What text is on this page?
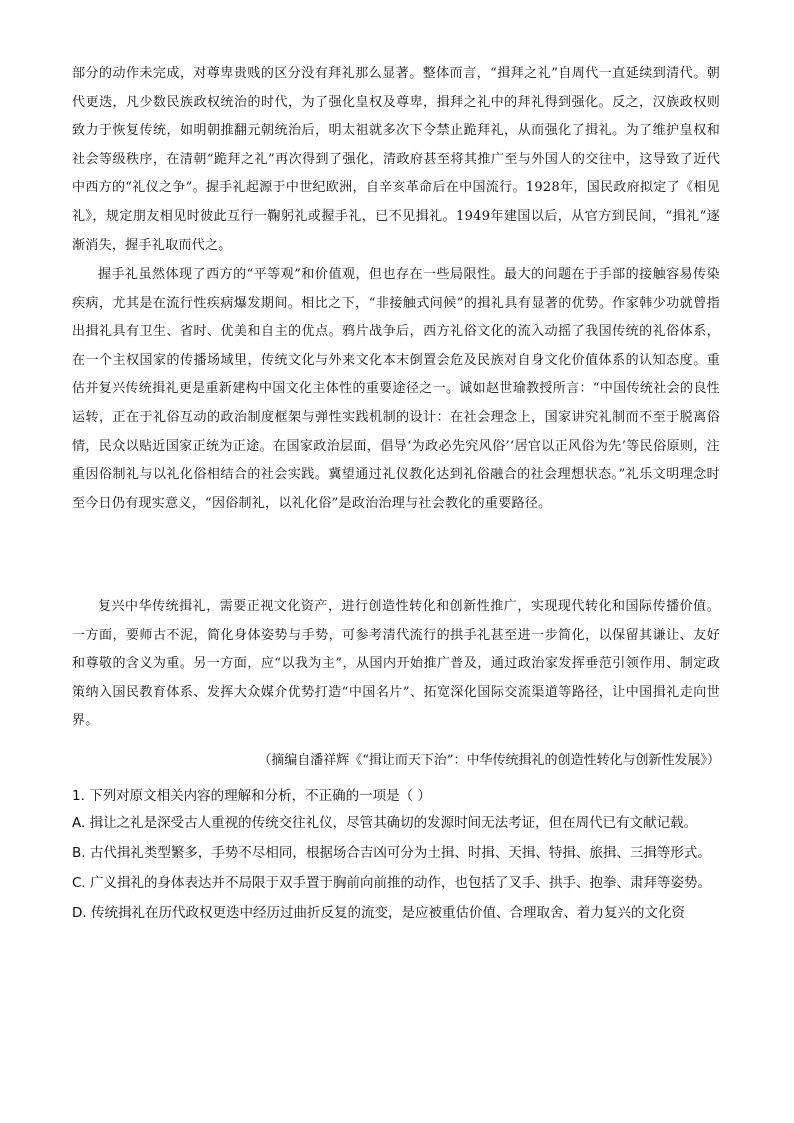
部分的动作未完成，对尊卑贵贱的区分没有拜礼那么显著。整体而言，“揖拜之礼”自周代一直延续到清代。朝代更迭，凡少数民族政权统治的时代，为了强化皇权及尊卑，揖拜之礼中的拜礼得到强化。反之，汉族政权则致力于恢复传统，如明朝推翻元朝统治后，明太祖就多次下令禁止跪拜礼，从而强化了揖礼。为了维护皇权和社会等级秩序，在清朝“跪拜之礼”再次得到了强化，清政府甚至将其推广至与外国人的交往中，这导致了近代中西方的“礼仪之争”。握手礼起源于中世纪欧洲，自辛亥革命后在中国流行。1928年，国民政府拟定了《相见礼》，规定朋友相见时彼此互行一鞠躬礼或握手礼，已不见揖礼。1949年建国以后，从官方到民间，“揖礼”逐渐消失，握手礼取而代之。

握手礼虽然体现了西方的“平等观”和价值观，但也存在一些局限性。最大的问题在于手部的接触容易传染疾病，尤其是在流行性疾病爆发期间。相比之下，“非接触式问候”的揖礼具有显著的优势。作家韩少功就曾指出揖礼具有卫生、省时、优美和自主的优点。鸦片战争后，西方礼俗文化的流入动摇了我国传统的礼俗体系，在一个主权国家的传播场域里，传统文化与外来文化本末倒置会危及民族对自身文化价值体系的认知态度。重估并复兴传统揖礼更是重新建构中国文化主体性的重要途径之一。诚如赵世瑜教授所言：“中国传统社会的良性运转，正在于礼俗互动的政治制度框架与弹性实践机制的设计：在社会理念上，国家讲究礼制而不至于脱离俗情，民众以贴近国家正统为正途。在国家政治层面，倡导‘为政必先究风俗’‘居官以正风俗为先’等民俗原则，注重因俗制礼与以礼化俗相结合的社会实践。冀望通过礼仪教化达到礼俗融合的社会理想状态。”礼乐文明理念时至今日仍有现实意义，“因俗制礼，以礼化俗”是政治治理与社会教化的重要路径。

复兴中华传统揖礼，需要正视文化资产，进行创造性转化和创新性推广，实现现代转化和国际传播价值。一方面，要师古不泥，简化身体姿势与手势，可参考清代流行的拱手礼甚至进一步简化，以保留其谦让、友好和尊敬的含义为重。另一方面，应“以我为主”，从国内开始推广普及，通过政治家发挥垂范引领作用、制定政策纳入国民教育体系、发挥大众媒介优势打造“中国名片”、拓宽深化国际交流渠道等路径，让中国揖礼走向世界。

（摘编自潘祥辉《“揖让而天下治”：中华传统揖礼的创造性转化与创新性发展》）

1. 下列对原文相关内容的理解和分析，不正确的一项是（ ）

A. 揖让之礼是深受古人重视的传统交往礼仪，尽管其确切的发源时间无法考证，但在周代已有文献记载。

B. 古代揖礼类型繁多，手势不尽相同，根据场合吉凶可分为土揖、时揖、天揖、特揖、旅揖、三揖等形式。

C. 广义揖礼的身体表达并不局限于双手置于胸前向前推的动作，也包括了叉手、拱手、抱拳、肃拜等姿势。

D. 传统揖礼在历代政权更迭中经历过曲折反复的流变，是应被重估价值、合理取舍、着力复兴的文化资
